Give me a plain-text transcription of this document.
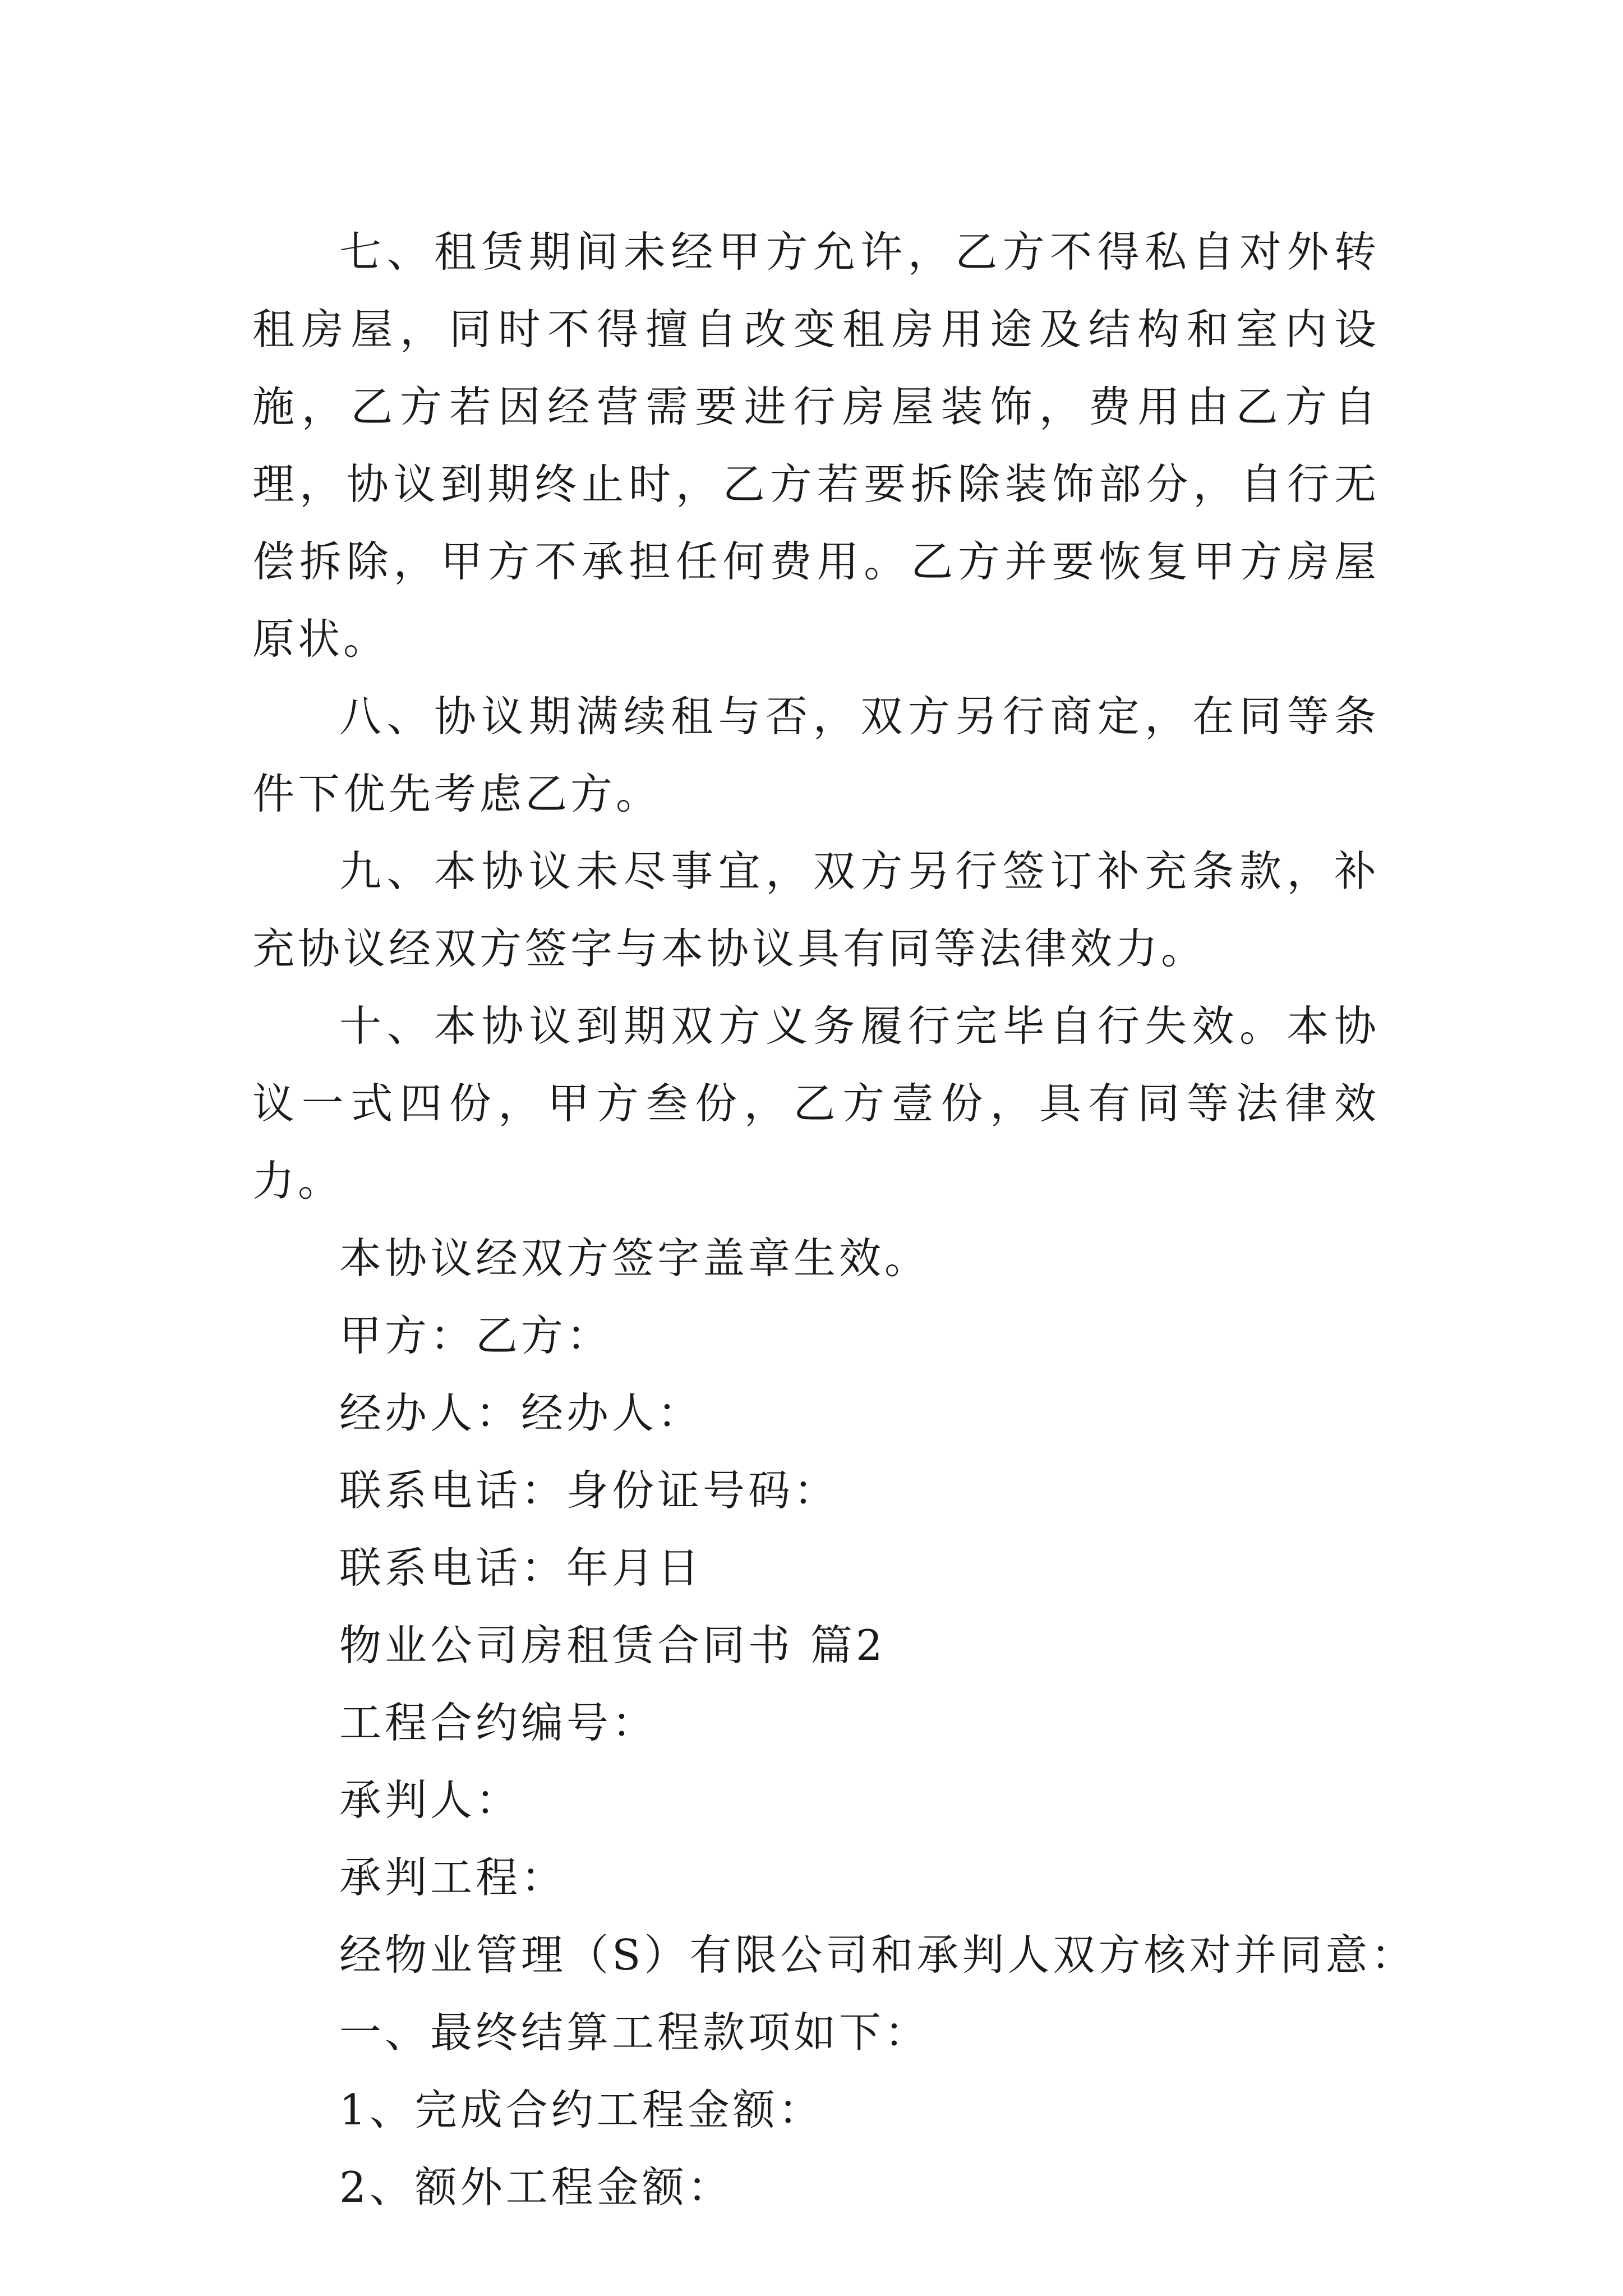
七、租赁期间未经甲方允许，乙方不得私自对外转租房屋，同时不得擅自改变租房用途及结构和室内设施，乙方若因经营需要进行房屋装饰，费用由乙方自理，协议到期终止时，乙方若要拆除装饰部分，自行无偿拆除，甲方不承担任何费用。乙方并要恢复甲方房屋原状。

八、协议期满续租与否，双方另行商定，在同等条件下优先考虑乙方。

九、本协议未尽事宜，双方另行签订补充条款，补充协议经双方签字与本协议具有同等法律效力。

十、本协议到期双方义务履行完毕自行失效。本协议一式四份，甲方叁份，乙方壹份，具有同等法律效力。

本协议经双方签字盖章生效。

甲方：乙方：

经办人：经办人：

联系电话：身份证号码：

联系电话：年月日

物业公司房租赁合同书 篇2

工程合约编号：

承判人：

承判工程：

经物业管理（S）有限公司和承判人双方核对并同意：

一、最终结算工程款项如下：

1、完成合约工程金额：

2、额外工程金额：
